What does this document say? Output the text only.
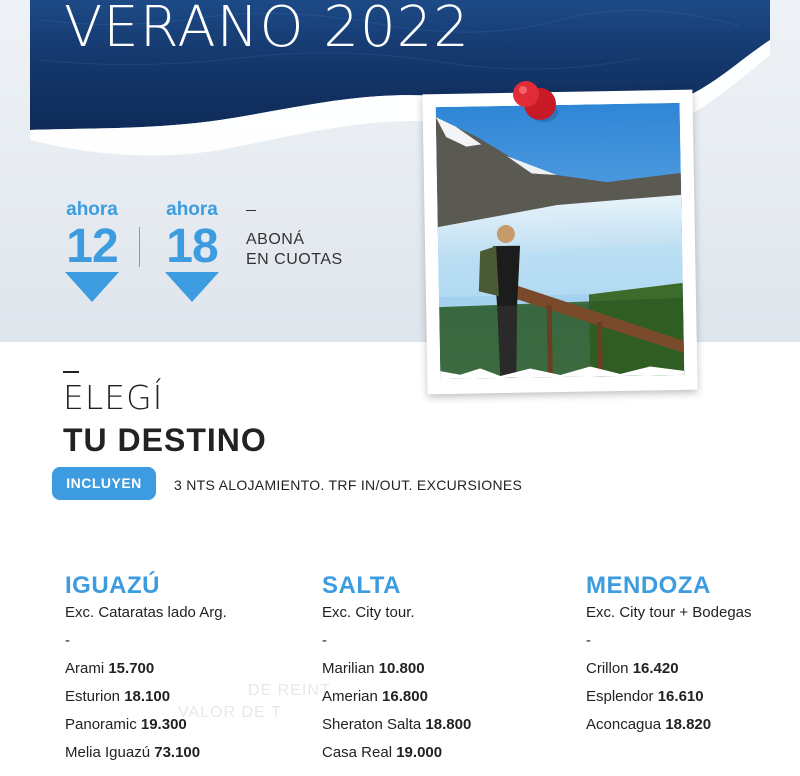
VERANO 2022
ahora
12
ahora
18 ABONÁ
EN CUOTAS
ELEGÍ
TU DESTINO
INCLUYEN	3 NTS ALOJAMIENTO. TRF IN/OUT. EXCURSIONES
DE REINT
VALOR DE T
IGUAZÚ
Exc. Cataratas lado Arg.
-
Arami 15.700
Esturion 18.100
Panoramic 19.300
Melia Iguazú 73.100
SALTA
Exc. City tour.
-
Marilian 10.800
Amerian 16.800
Sheraton Salta 18.800
Casa Real 19.000
MENDOZA
Exc. City tour + Bodegas
-
Crillon 16.420
Esplendor 16.610
Aconcagua 18.820
